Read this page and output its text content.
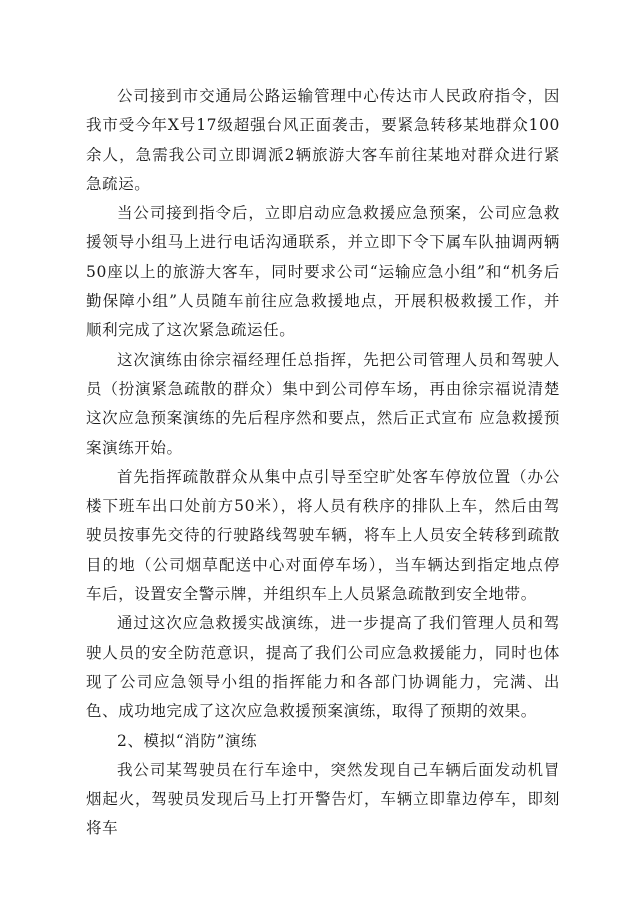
公司接到市交通局公路运输管理中心传达市人民政府指令，因我市受今年X号17级超强台风正面袭击，要紧急转移某地群众100余人，急需我公司立即调派2辆旅游大客车前往某地对群众进行紧急疏运。

当公司接到指令后，立即启动应急救援应急预案，公司应急救援领导小组马上进行电话沟通联系，并立即下令下属车队抽调两辆50座以上的旅游大客车，同时要求公司“运输应急小组”和“机务后勤保障小组”人员随车前往应急救援地点，开展积极救援工作，并顺利完成了这次紧急疏运任。

这次演练由徐宗福经理任总指挥，先把公司管理人员和驾驶人员（扮演紧急疏散的群众）集中到公司停车场，再由徐宗福说清楚这次应急预案演练的先后程序然和要点，然后正式宣布 应急救援预案演练开始。

首先指挥疏散群众从集中点引导至空旷处客车停放位置（办公楼下班车出口处前方50米），将人员有秩序的排队上车，然后由驾驶员按事先交待的行驶路线驾驶车辆，将车上人员安全转移到疏散目的地（公司烟草配送中心对面停车场），当车辆达到指定地点停车后，设置安全警示牌，并组织车上人员紧急疏散到安全地带。

通过这次应急救援实战演练，进一步提高了我们管理人员和驾驶人员的安全防范意识，提高了我们公司应急救援能力，同时也体现了公司应急领导小组的指挥能力和各部门协调能力，完满、出色、成功地完成了这次应急救援预案演练，取得了预期的效果。

2、模拟“消防”演练

我公司某驾驶员在行车途中，突然发现自己车辆后面发动机冒烟起火，驾驶员发现后马上打开警告灯，车辆立即靠边停车，即刻将车
